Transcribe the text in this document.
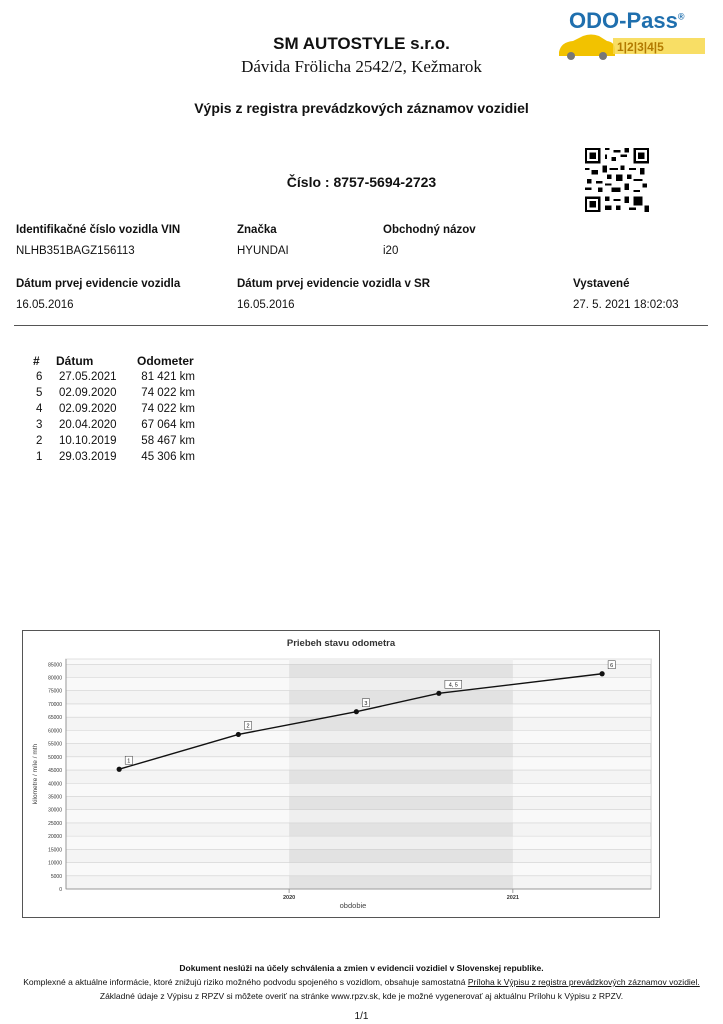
SM AUTOSTYLE s.r.o.
Dávida Frölicha 2542/2, Kežmarok
ODO-Pass®
1|2|3|4|5
Výpis z registra prevádzkových záznamov vozidiel
Číslo : 8757-5694-2723
Identifikačné číslo vozidla VIN
NLHB351BAGZ156113
Značka
HYUNDAI
Obchodný názov
i20
Dátum prvej evidencie vozidla
16.05.2016
Dátum prvej evidencie vozidla v SR
16.05.2016
Vystavené
27. 5. 2021 18:02:03
# Dátum	Odometer
6 27.05.2021	81 421 km
5 02.09.2020	74 022 km
4 02.09.2020	74 022 km
3 20.04.2020	67 064 km
2 10.10.2019	58 467 km
1 29.03.2019	45 306 km
0
5000
10000
15000
20000
25000
30000
35000
40000
45000
50000
55000
60000
65000
70000
75000
80000
85000
2020	2021
Priebeh stavu odometra
obdobie
kilometre / míle / mth	1
2
3
4, 5
6
Dokument neslúži na účely schválenia a zmien v evidencii vozidiel v Slovenskej republike.
Komplexné a aktuálne informácie, ktoré znižujú riziko možného podvodu spojeného s vozidlom, obsahuje samostatná Príloha k Výpisu z registra prevádzkových záznamov vozidiel.
Základné údaje z Výpisu z RPZV si môžete overiť na stránke www.rpzv.sk, kde je možné vygenerovať aj aktuálnu Prílohu k Výpisu z RPZV.
1/1
